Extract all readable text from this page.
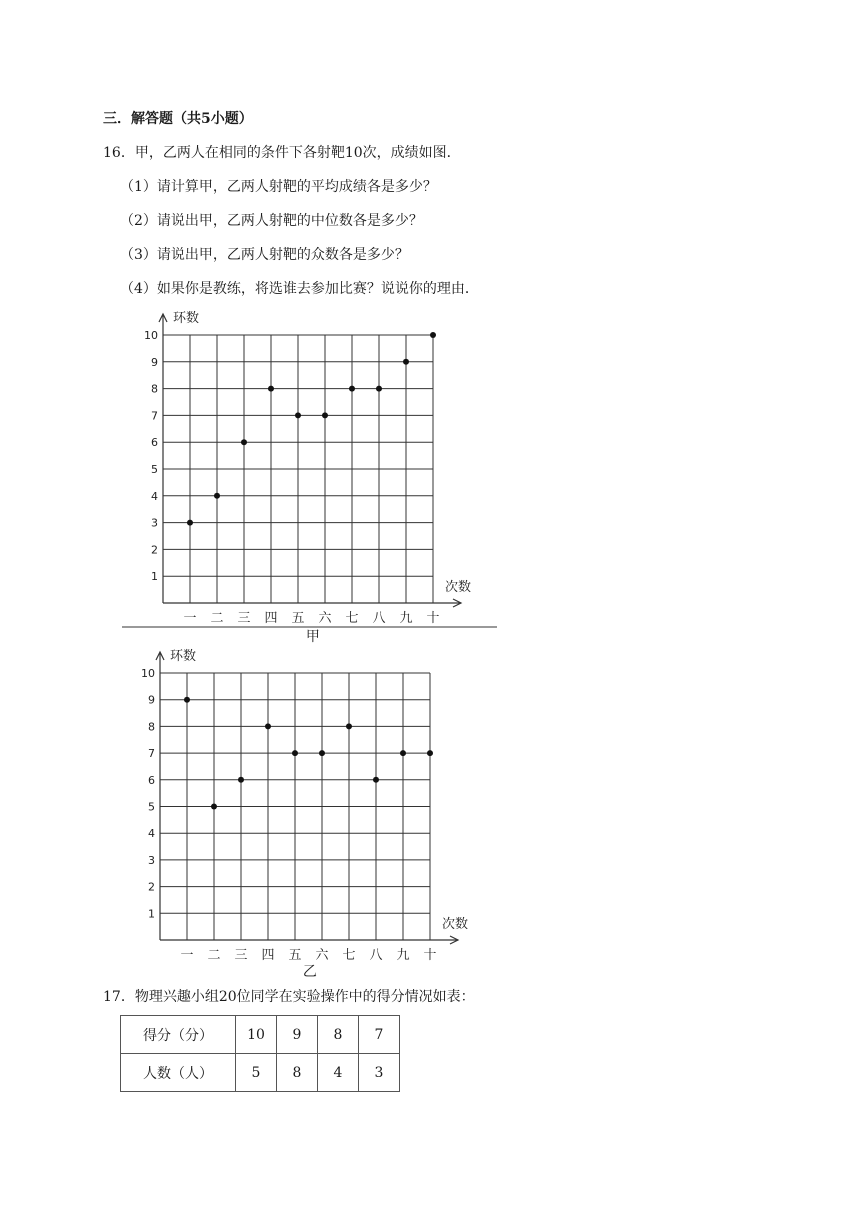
三．解答题（共5小题）
16．甲，乙两人在相同的条件下各射靶10次，成绩如图．
（1）请计算甲，乙两人射靶的平均成绩各是多少？
（2）请说出甲，乙两人射靶的中位数各是多少？
（3）请说出甲，乙两人射靶的众数各是多少？
（4）如果你是教练，将选谁去参加比赛？说说你的理由．
1
2
3
4
5
6
7
8
9
10
一 二 三 四 五 六 七 八 九 十
环数
次数
甲
1
2
3
4
5
6
7
8
9
10
一 二 三 四 五 六 七 八 九 十
环数
次数
乙
17．物理兴趣小组20位同学在实验操作中的得分情况如表：
得分（分）	10	9	8	7
人数（人）	5	8	4	3
